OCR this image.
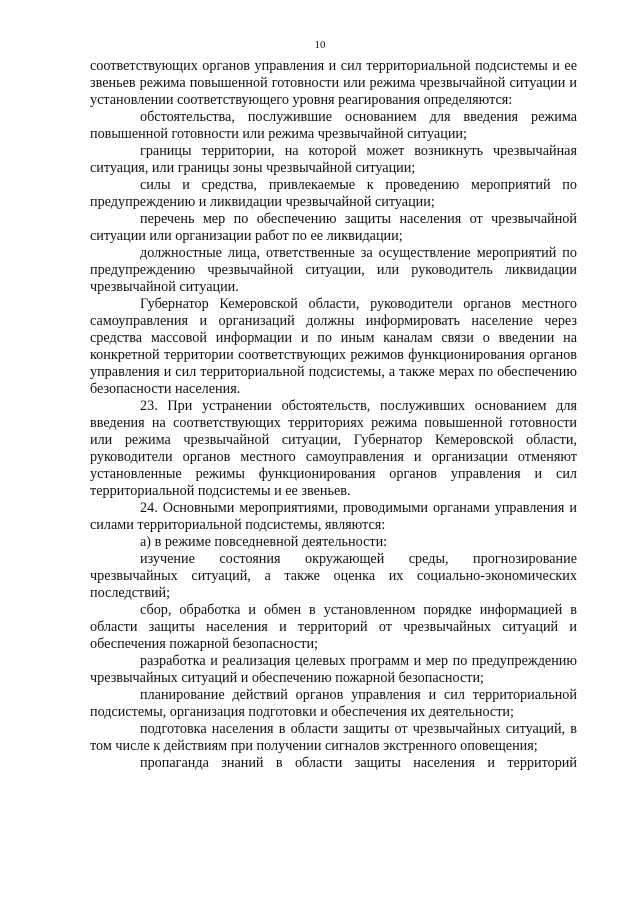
10

соответствующих органов управления и сил территориальной подсистемы и ее звеньев режима повышенной готовности или режима чрезвычайной ситуации и установлении соответствующего уровня реагирования определяются:

обстоятельства, послужившие основанием для введения режима повышенной готовности или режима чрезвычайной ситуации;

границы территории, на которой может возникнуть чрезвычайная ситуация, или границы зоны чрезвычайной ситуации;

силы и средства, привлекаемые к проведению мероприятий по предупреждению и ликвидации чрезвычайной ситуации;

перечень мер по обеспечению защиты населения от чрезвычайной ситуации или организации работ по ее ликвидации;

должностные лица, ответственные за осуществление мероприятий по предупреждению чрезвычайной ситуации, или руководитель ликвидации чрезвычайной ситуации.

Губернатор Кемеровской области, руководители органов местного самоуправления и организаций должны информировать население через средства массовой информации и по иным каналам связи о введении на конкретной территории соответствующих режимов функционирования органов управления и сил территориальной подсистемы, а также мерах по обеспечению безопасности населения.

23. При устранении обстоятельств, послуживших основанием для введения на соответствующих территориях режима повышенной готовности или режима чрезвычайной ситуации, Губернатор Кемеровской области, руководители органов местного самоуправления и организации отменяют установленные режимы функционирования органов управления и сил территориальной подсистемы и ее звеньев.

24. Основными мероприятиями, проводимыми органами управления и силами территориальной подсистемы, являются:

а) в режиме повседневной деятельности:

изучение состояния окружающей среды, прогнозирование чрезвычайных ситуаций, а также оценка их социально-экономических последствий;

сбор, обработка и обмен в установленном порядке информацией в области защиты населения и территорий от чрезвычайных ситуаций и обеспечения пожарной безопасности;

разработка и реализация целевых программ и мер по предупреждению чрезвычайных ситуаций и обеспечению пожарной безопасности;

планирование действий органов управления и сил территориальной подсистемы, организация подготовки и обеспечения их деятельности;

подготовка населения в области защиты от чрезвычайных ситуаций, в том числе к действиям при получении сигналов экстренного оповещения;

пропаганда знаний в области защиты населения и территорий
